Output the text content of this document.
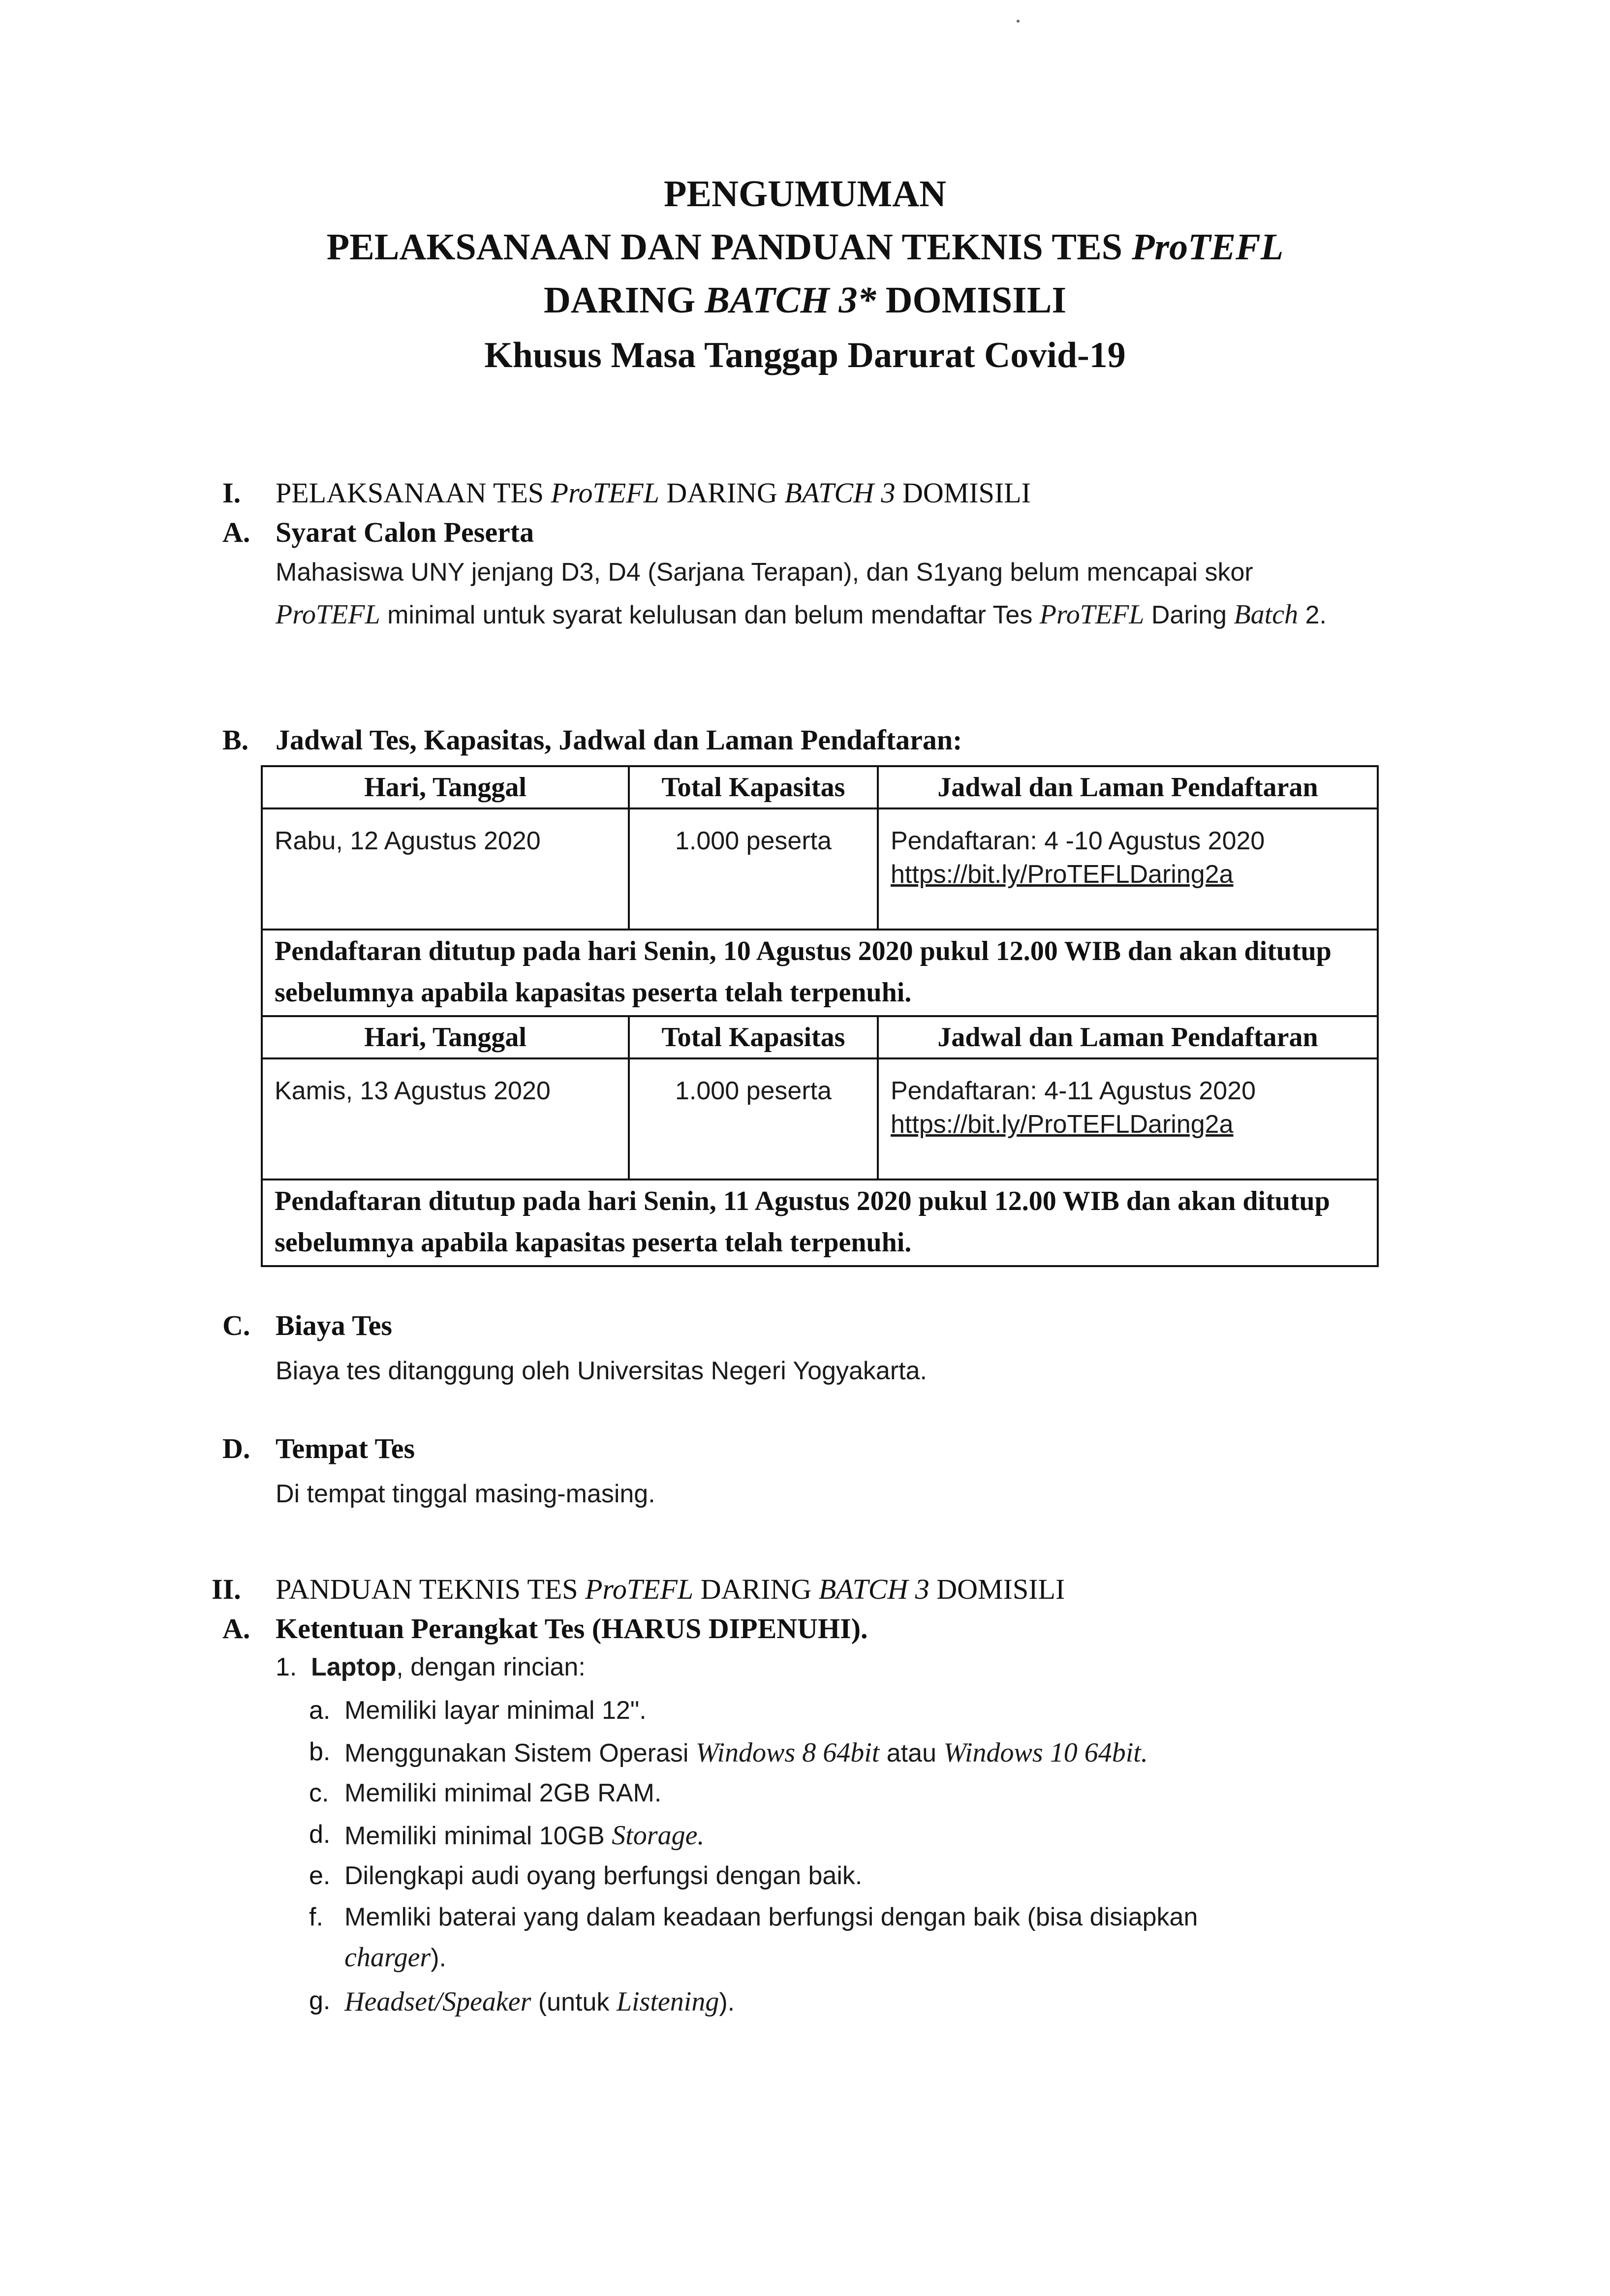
PENGUMUMAN
PELAKSANAAN DAN PANDUAN TEKNIS TES ProTEFL
DARING BATCH 3* DOMISILI
Khusus Masa Tanggap Darurat Covid-19
I. PELAKSANAAN TES ProTEFL DARING BATCH 3 DOMISILI
A. Syarat Calon Peserta
Mahasiswa UNY jenjang D3, D4 (Sarjana Terapan), dan S1yang belum mencapai skor ProTEFL minimal untuk syarat kelulusan dan belum mendaftar Tes ProTEFL Daring Batch 2.
B. Jadwal Tes, Kapasitas, Jadwal dan Laman Pendaftaran:
Hari, Tanggal	Total Kapasitas	Jadwal dan Laman Pendaftaran
Rabu, 12 Agustus 2020	1.000 peserta	Pendaftaran: 4 -10 Agustus 2020
https://bit.ly/ProTEFLDaring2a

Pendaftaran ditutup pada hari Senin, 10 Agustus 2020 pukul 12.00 WIB dan akan ditutup sebelumnya apabila kapasitas peserta telah terpenuhi.		
Hari, Tanggal	Total Kapasitas	Jadwal dan Laman Pendaftaran
Kamis, 13 Agustus 2020	1.000 peserta	Pendaftaran: 4-11 Agustus 2020
https://bit.ly/ProTEFLDaring2a

Pendaftaran ditutup pada hari Senin, 11 Agustus 2020 pukul 12.00 WIB dan akan ditutup sebelumnya apabila kapasitas peserta telah terpenuhi.		
C. Biaya Tes
Biaya tes ditanggung oleh Universitas Negeri Yogyakarta.
D. Tempat Tes
Di tempat tinggal masing-masing.
II. PANDUAN TEKNIS TES ProTEFL DARING BATCH 3 DOMISILI
A. Ketentuan Perangkat Tes (HARUS DIPENUHI).
1. Laptop, dengan rincian:
a. Memiliki layar minimal 12".
b. Menggunakan Sistem Operasi Windows 8 64bit atau Windows 10 64bit.
c. Memiliki minimal 2GB RAM.
d. Memiliki minimal 10GB Storage.
e. Dilengkapi audi oyang berfungsi dengan baik.
f. Memliki baterai yang dalam keadaan berfungsi dengan baik (bisa disiapkan
charger).
g. Headset/Speaker (untuk Listening).
